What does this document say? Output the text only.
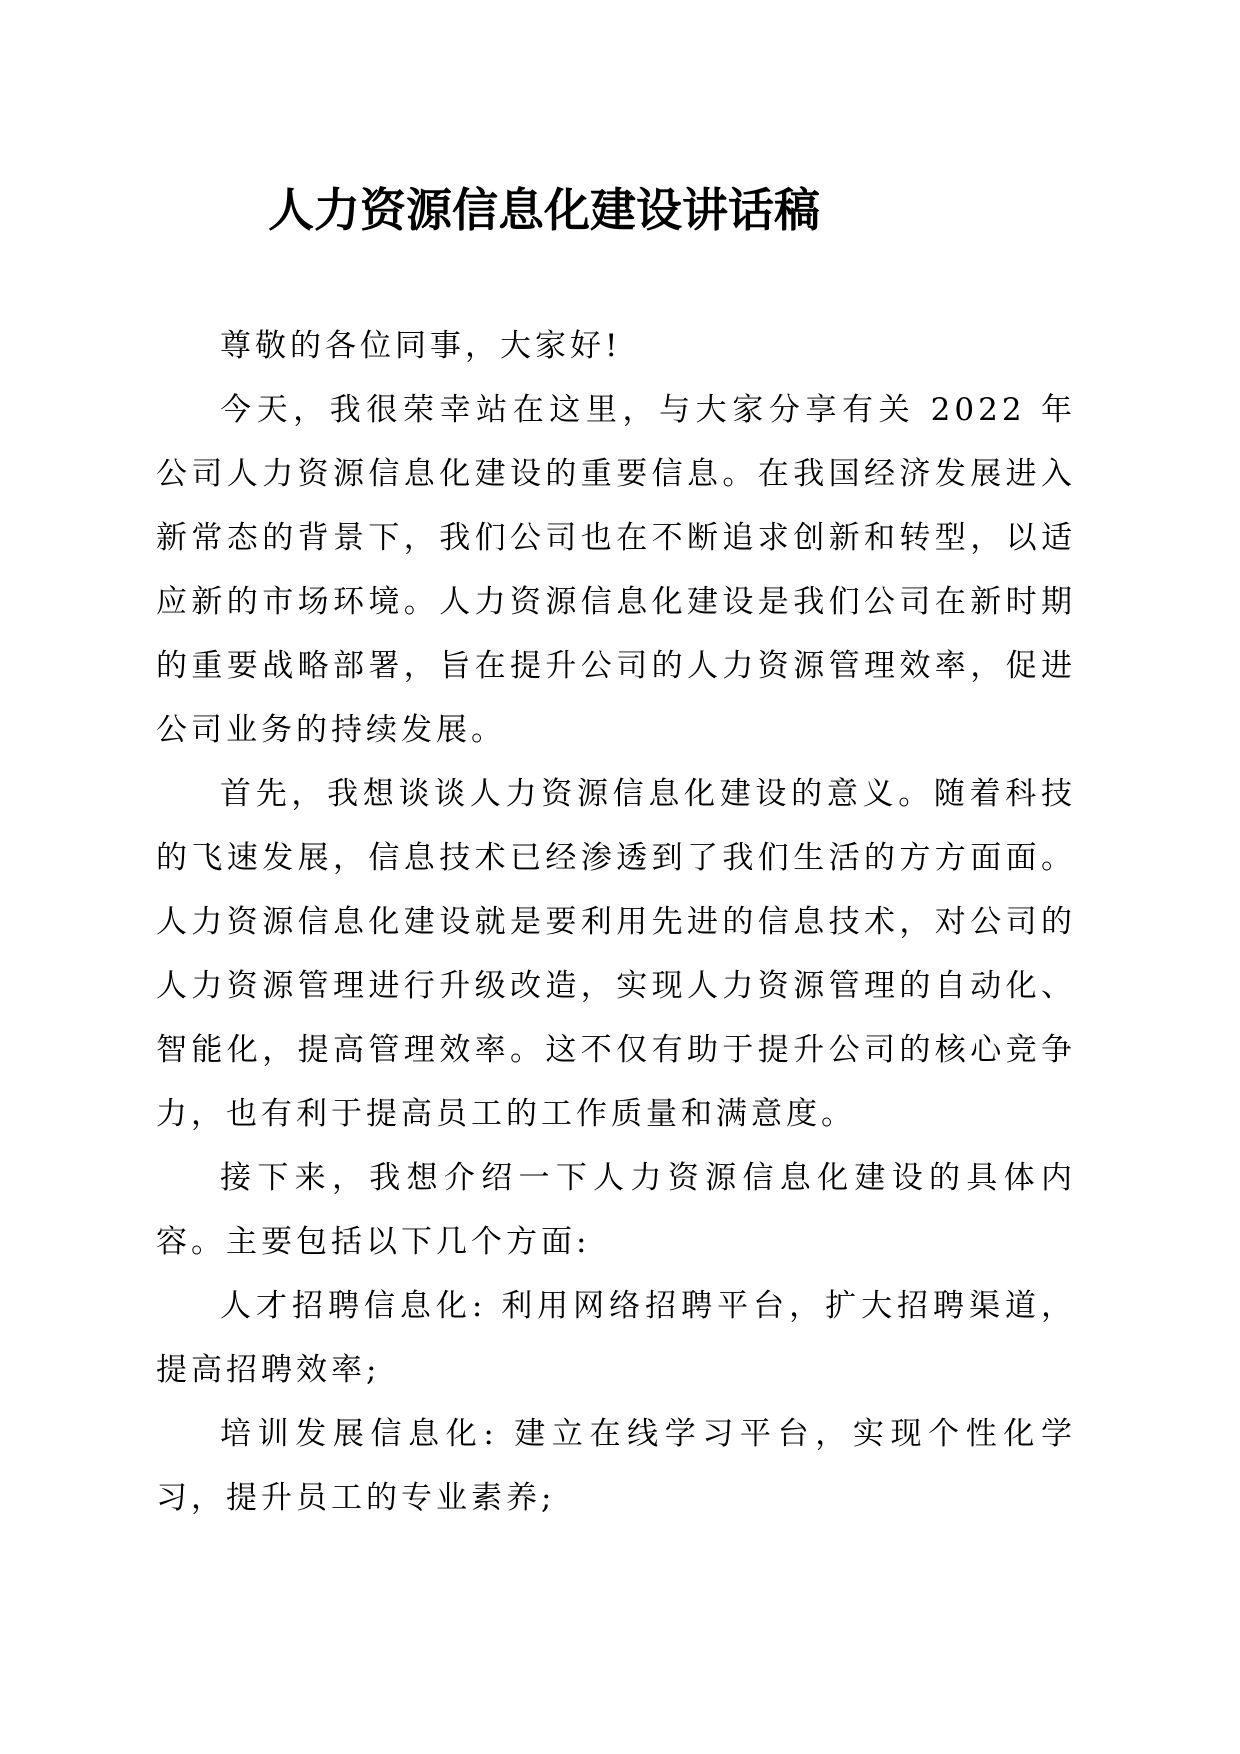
人力资源信息化建设讲话稿

尊敬的各位同事，大家好!

今天，我很荣幸站在这里，与大家分享有关 2022 年公司人力资源信息化建设的重要信息。在我国经济发展进入新常态的背景下，我们公司也在不断追求创新和转型，以适应新的市场环境。人力资源信息化建设是我们公司在新时期的重要战略部署，旨在提升公司的人力资源管理效率，促进公司业务的持续发展。

首先，我想谈谈人力资源信息化建设的意义。随着科技的飞速发展，信息技术已经渗透到了我们生活的方方面面。人力资源信息化建设就是要利用先进的信息技术，对公司的人力资源管理进行升级改造，实现人力资源管理的自动化、智能化，提高管理效率。这不仅有助于提升公司的核心竞争力，也有利于提高员工的工作质量和满意度。

接下来，我想介绍一下人力资源信息化建设的具体内容。主要包括以下几个方面:

人才招聘信息化: 利用网络招聘平台，扩大招聘渠道，提高招聘效率;

培训发展信息化: 建立在线学习平台，实现个性化学习，提升员工的专业素养;
